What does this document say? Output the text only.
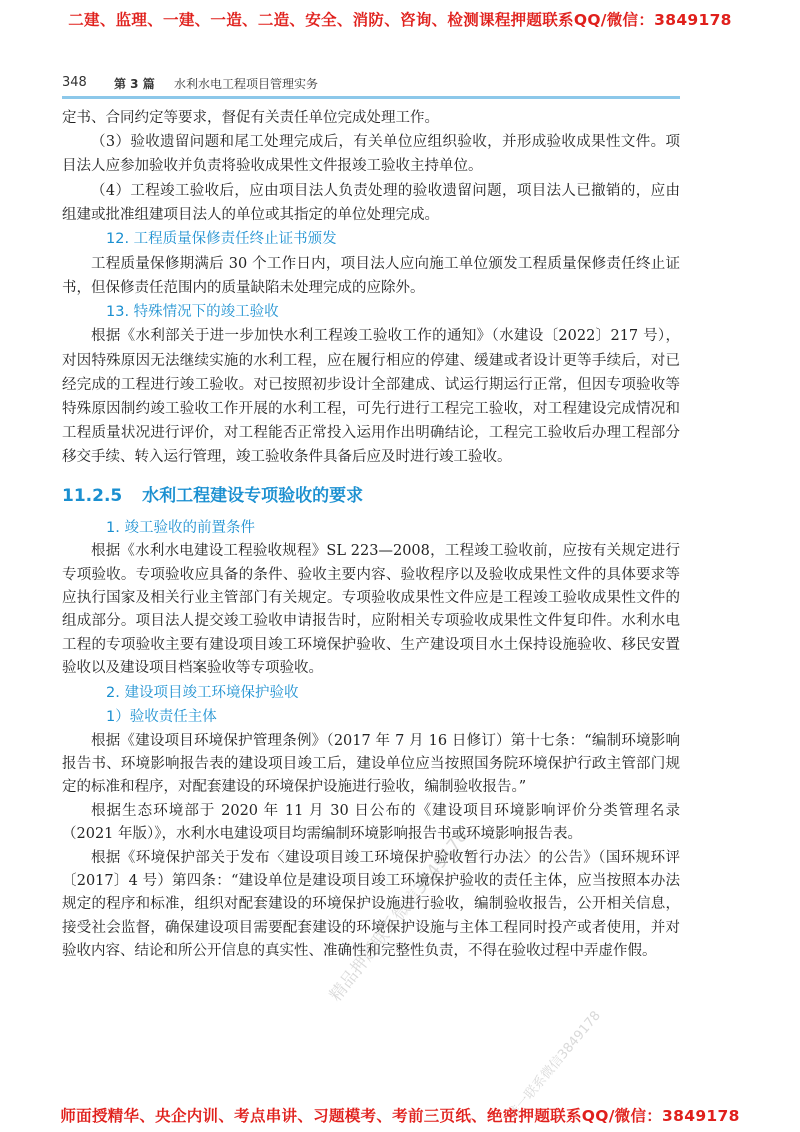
二建、监理、一建、一造、二造、安全、消防、咨询、检测课程押题联系QQ/微信：3849178
348 第 3 篇 水利水电工程项目管理实务

定书、合同约定等要求，督促有关责任单位完成处理工作。

（3）验收遗留问题和尾工处理完成后，有关单位应组织验收，并形成验收成果性文件。项目法人应参加验收并负责将验收成果性文件报竣工验收主持单位。

（4）工程竣工验收后，应由项目法人负责处理的验收遗留问题，项目法人已撤销的，应由组建或批准组建项目法人的单位或其指定的单位处理完成。

12. 工程质量保修责任终止证书颁发

工程质量保修期满后 30 个工作日内，项目法人应向施工单位颁发工程质量保修责任终止证书，但保修责任范围内的质量缺陷未处理完成的应除外。

13. 特殊情况下的竣工验收

根据《水利部关于进一步加快水利工程竣工验收工作的通知》（水建设〔2022〕217 号），对因特殊原因无法继续实施的水利工程，应在履行相应的停建、缓建或者设计更等手续后，对已经完成的工程进行竣工验收。对已按照初步设计全部建成、试运行期运行正常，但因专项验收等特殊原因制约竣工验收工作开展的水利工程，可先行进行工程完工验收，对工程建设完成情况和工程质量状况进行评价，对工程能否正常投入运用作出明确结论，工程完工验收后办理工程部分移交手续、转入运行管理，竣工验收条件具备后应及时进行竣工验收。

11.2.5 水利工程建设专项验收的要求
1. 竣工验收的前置条件

根据《水利水电建设工程验收规程》SL 223—2008，工程竣工验收前，应按有关规定进行专项验收。专项验收应具备的条件、验收主要内容、验收程序以及验收成果性文件的具体要求等应执行国家及相关行业主管部门有关规定。专项验收成果性文件应是工程竣工验收成果性文件的组成部分。项目法人提交竣工验收申请报告时，应附相关专项验收成果性文件复印件。水利水电工程的专项验收主要有建设项目竣工环境保护验收、生产建设项目水土保持设施验收、移民安置验收以及建设项目档案验收等专项验收。

2. 建设项目竣工环境保护验收
1）验收责任主体

根据《建设项目环境保护管理条例》（2017 年 7 月 16 日修订）第十七条：“编制环境影响报告书、环境影响报告表的建设项目竣工后，建设单位应当按照国务院环境保护行政主管部门规定的标准和程序，对配套建设的环境保护设施进行验收，编制验收报告。”

根据生态环境部于 2020 年 11 月 30 日公布的《建设项目环境影响评价分类管理名录（2021 年版）》，水利水电建设项目均需编制环境影响报告书或环境影响报告表。

根据《环境保护部关于发布〈建设项目竣工环境保护验收暂行办法〉的公告》（国环规环评〔2017〕4 号）第四条：“建设单位是建设项目竣工环境保护验收的责任主体，应当按照本办法规定的程序和标准，组织对配套建设的环境保护设施进行验收，编制验收报告，公开相关信息，接受社会监督，确保建设项目需要配套建设的环境保护设施与主体工程同时投产或者使用，并对验收内容、结论和所公开信息的真实性、准确性和完整性负责，不得在验收过程中弄虚作假。

精品押题联系微信3849178
唯一联系微信3849178
师面授精华、央企内训、考点串讲、习题模考、考前三页纸、绝密押题联系QQ/微信：3849178
